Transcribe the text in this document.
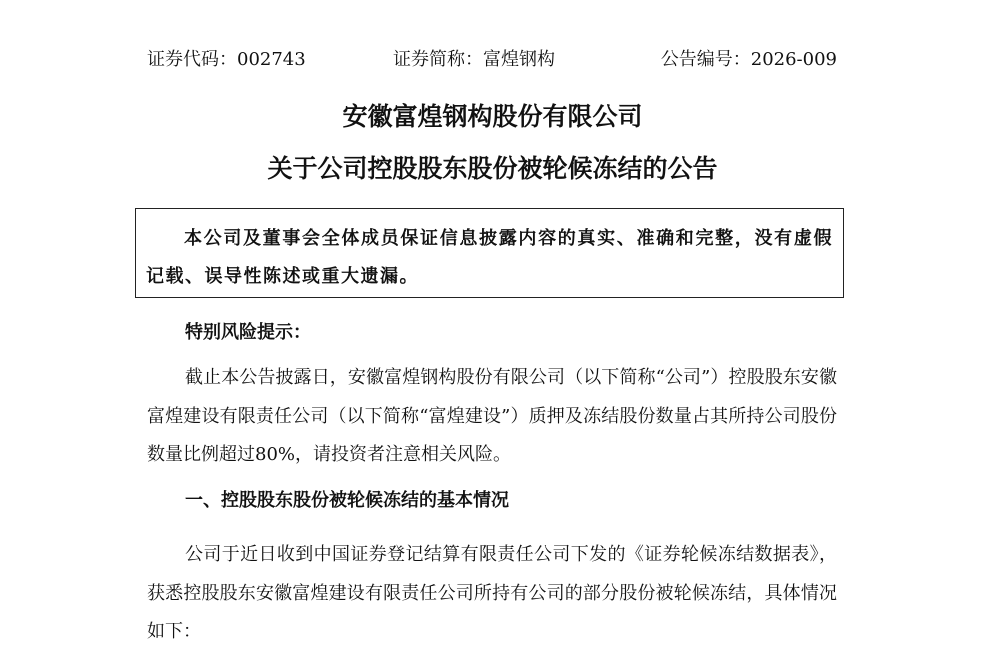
证券代码：002743	证券简称：富煌钢构	公告编号：2026-009
安徽富煌钢构股份有限公司
关于公司控股股东股份被轮候冻结的公告
本公司及董事会全体成员保证信息披露内容的真实、准确和完整，没有虚假记载、误导性陈述或重大遗漏。
特别风险提示：
截止本公告披露日，安徽富煌钢构股份有限公司（以下简称“公司”）控股股东安徽富煌建设有限责任公司（以下简称“富煌建设”）质押及冻结股份数量占其所持公司股份数量比例超过80%，请投资者注意相关风险。
一、控股股东股份被轮候冻结的基本情况
公司于近日收到中国证券登记结算有限责任公司下发的《证券轮候冻结数据表》，获悉控股股东安徽富煌建设有限责任公司所持有公司的部分股份被轮候冻结，具体情况如下：
